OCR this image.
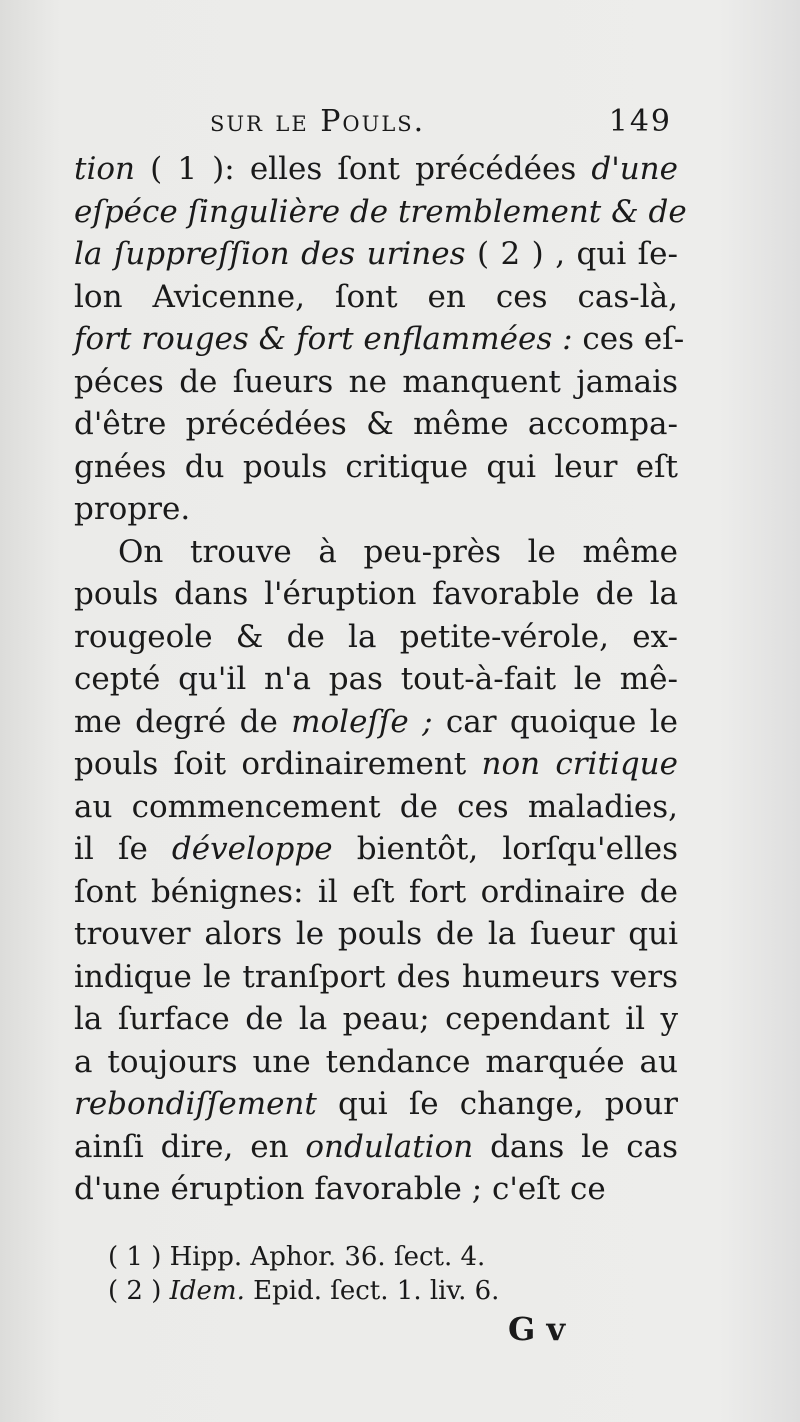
sur le Pouls.	149
tion ( 1 ): elles ſont précédées d'une
eſpéce ſingulière de tremblement & de
la ſuppreſſion des urines ( 2 ) , qui ſe-
lon Avicenne, ſont en ces cas-là,
fort rouges & fort enflammées : ces eſ-
péces de ſueurs ne manquent jamais
d'être précédées & même accompa-
gnées du pouls critique qui leur eſt
propre.
On trouve à peu-près le même
pouls dans l'éruption favorable de la
rougeole & de la petite-vérole, ex-
cepté qu'il n'a pas tout-à-fait le mê-
me degré de moleſſe ; car quoique le
pouls ſoit ordinairement non critique
au commencement de ces maladies,
il ſe développe bientôt, lorſqu'elles
ſont bénignes: il eſt fort ordinaire de
trouver alors le pouls de la ſueur qui
indique le tranſport des humeurs vers
la ſurface de la peau; cependant il y
a toujours une tendance marquée au
rebondiſſement qui ſe change, pour
ainſi dire, en ondulation dans le cas
d'une éruption favorable ; c'eſt ce
( 1 ) Hipp. Aphor. 36. ſect. 4.
( 2 ) Idem. Epid. ſect. 1. liv. 6.
G v
